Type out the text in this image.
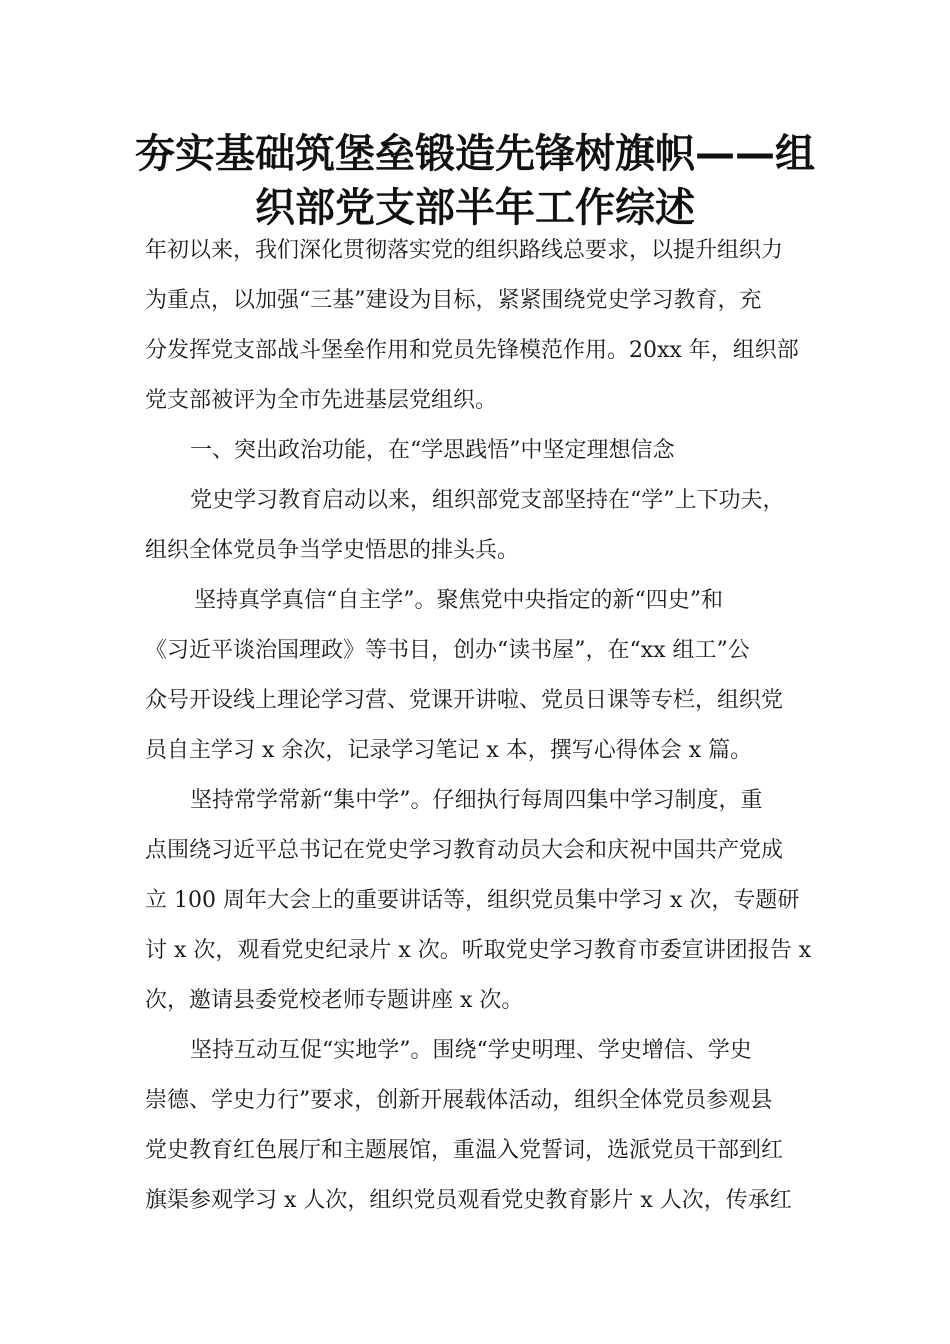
夯实基础筑堡垒锻造先锋树旗帜——组
织部党支部半年工作综述
年初以来，我们深化贯彻落实党的组织路线总要求，以提升组织力
为重点，以加强“三基”建设为目标，紧紧围绕党史学习教育，充
分发挥党支部战斗堡垒作用和党员先锋模范作用。20xx 年，组织部
党支部被评为全市先进基层党组织。
一、突出政治功能，在“学思践悟”中坚定理想信念
党史学习教育启动以来，组织部党支部坚持在“学”上下功夫，
组织全体党员争当学史悟思的排头兵。
坚持真学真信“自主学”。聚焦党中央指定的新“四史”和
《习近平谈治国理政》等书目，创办“读书屋”，在“xx 组工”公
众号开设线上理论学习营、党课开讲啦、党员日课等专栏，组织党
员自主学习 x 余次，记录学习笔记 x 本，撰写心得体会 x 篇。
坚持常学常新“集中学”。仔细执行每周四集中学习制度，重
点围绕习近平总书记在党史学习教育动员大会和庆祝中国共产党成
立 100 周年大会上的重要讲话等，组织党员集中学习 x 次，专题研
讨 x 次，观看党史纪录片 x 次。听取党史学习教育市委宣讲团报告 x
次，邀请县委党校老师专题讲座 x 次。
坚持互动互促“实地学”。围绕“学史明理、学史增信、学史
崇德、学史力行”要求，创新开展载体活动，组织全体党员参观县
党史教育红色展厅和主题展馆，重温入党誓词，选派党员干部到红
旗渠参观学习 x 人次，组织党员观看党史教育影片 x 人次，传承红
